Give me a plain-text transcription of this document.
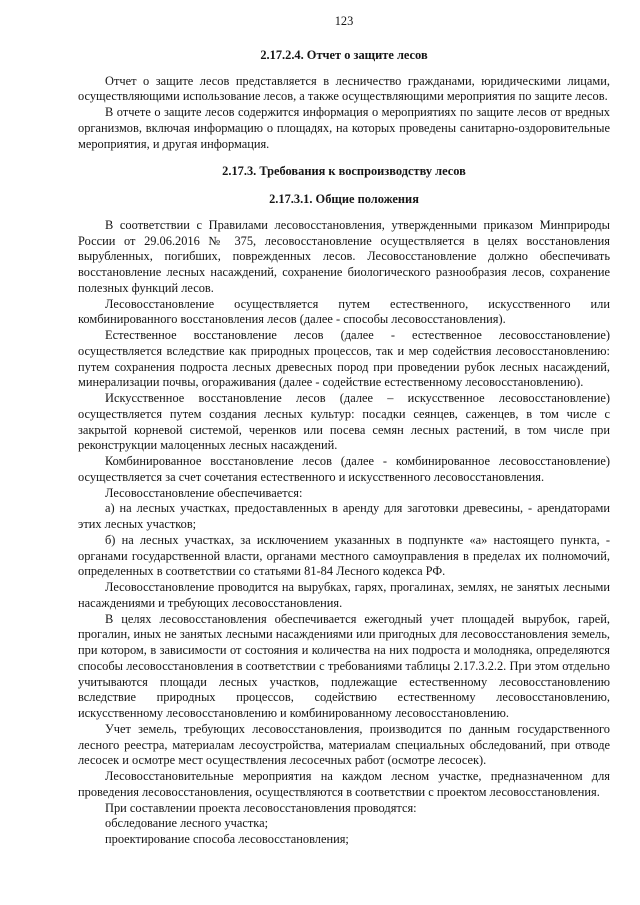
123
2.17.2.4. Отчет о защите лесов

Отчет о защите лесов представляется в лесничество гражданами, юридическими лицами, осуществляющими использование лесов, а также осуществляющими мероприятия по защите лесов.

В отчете о защите лесов содержится информация о мероприятиях по защите лесов от вредных организмов, включая информацию о площадях, на которых проведены санитарно-оздоровительные мероприятия, и другая информация.

2.17.3. Требования к воспроизводству лесов
2.17.3.1. Общие положения

В соответствии с Правилами лесовосстановления, утвержденными приказом Минприроды России от 29.06.2016 № 375, лесовосстановление осуществляется в целях восстановления вырубленных, погибших, поврежденных лесов. Лесовосстановление должно обеспечивать восстановление лесных насаждений, сохранение биологического разнообразия лесов, сохранение полезных функций лесов.

Лесовосстановление осуществляется путем естественного, искусственного или комбинированного восстановления лесов (далее - способы лесовосстановления).

Естественное восстановление лесов (далее - естественное лесовосстановление) осуществляется вследствие как природных процессов, так и мер содействия лесовосстановлению: путем сохранения подроста лесных древесных пород при проведении рубок лесных насаждений, минерализации почвы, огораживания (далее - содействие естественному лесовосстановлению).

Искусственное восстановление лесов (далее – искусственное лесовосстановление) осуществляется путем создания лесных культур: посадки сеянцев, саженцев, в том числе с закрытой корневой системой, черенков или посева семян лесных растений, в том числе при реконструкции малоценных лесных насаждений.

Комбинированное восстановление лесов (далее - комбинированное лесовосстановление) осуществляется за счет сочетания естественного и искусственного лесовосстановления.

Лесовосстановление обеспечивается:

а) на лесных участках, предоставленных в аренду для заготовки древесины, - арендаторами этих лесных участков;

б) на лесных участках, за исключением указанных в подпункте «а» настоящего пункта, - органами государственной власти, органами местного самоуправления в пределах их полномочий, определенных в соответствии со статьями 81-84 Лесного кодекса РФ.

Лесовосстановление проводится на вырубках, гарях, прогалинах, землях, не занятых лесными насаждениями и требующих лесовосстановления.

В целях лесовосстановления обеспечивается ежегодный учет площадей вырубок, гарей, прогалин, иных не занятых лесными насаждениями или пригодных для лесовосстановления земель, при котором, в зависимости от состояния и количества на них подроста и молодняка, определяются способы лесовосстановления в соответствии с требованиями таблицы 2.17.3.2.2. При этом отдельно учитываются площади лесных участков, подлежащие естественному лесовосстановлению вследствие природных процессов, содействию естественному лесовосстановлению, искусственному лесовосстановлению и комбинированному лесовосстановлению.

Учет земель, требующих лесовосстановления, производится по данным государственного лесного реестра, материалам лесоустройства, материалам специальных обследований, при отводе лесосек и осмотре мест осуществления лесосечных работ (осмотре лесосек).

Лесовосстановительные мероприятия на каждом лесном участке, предназначенном для проведения лесовосстановления, осуществляются в соответствии с проектом лесовосстановления.

При составлении проекта лесовосстановления проводятся:

обследование лесного участка;

проектирование способа лесовосстановления;
